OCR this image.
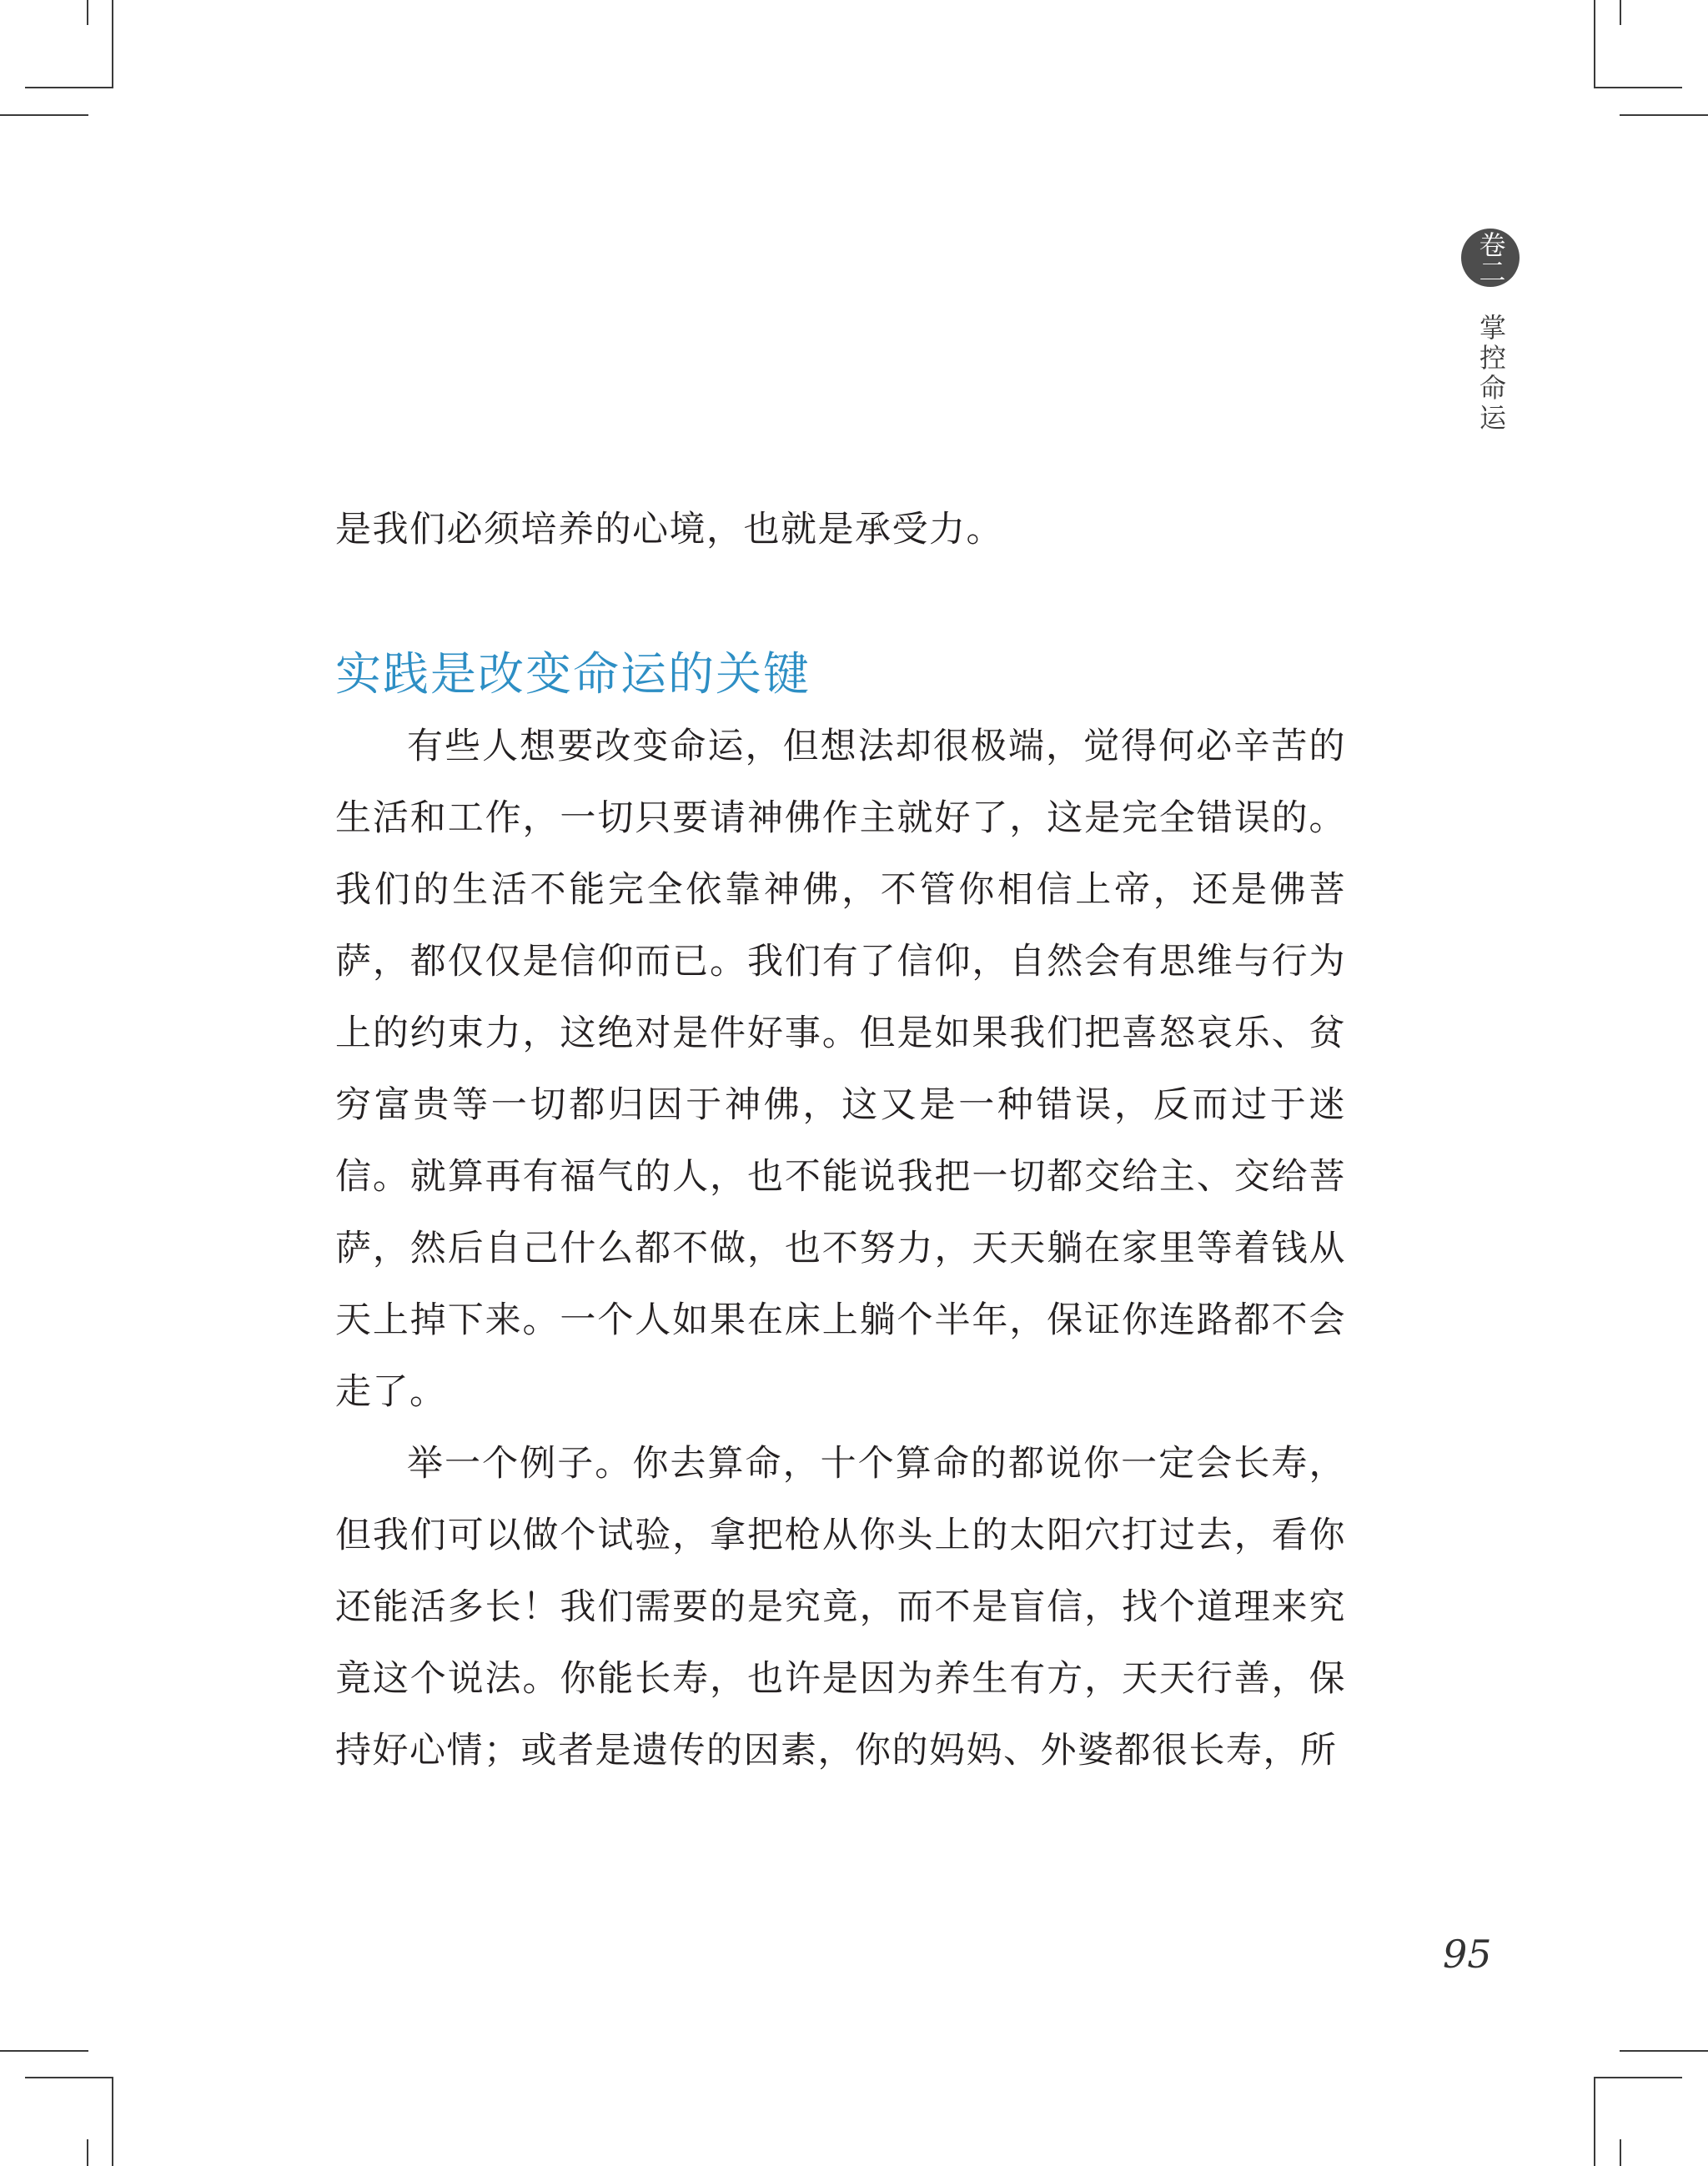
卷二
掌控命运

是我们必须培养的心境，也就是承受力。

实践是改变命运的关键

有些人想要改变命运，但想法却很极端，觉得何必辛苦的生活和工作，一切只要请神佛作主就好了，这是完全错误的。我们的生活不能完全依靠神佛，不管你相信上帝，还是佛菩萨，都仅仅是信仰而已。我们有了信仰，自然会有思维与行为上的约束力，这绝对是件好事。但是如果我们把喜怒哀乐、贫穷富贵等一切都归因于神佛，这又是一种错误，反而过于迷信。就算再有福气的人，也不能说我把一切都交给主、交给菩萨，然后自己什么都不做，也不努力，天天躺在家里等着钱从天上掉下来。一个人如果在床上躺个半年，保证你连路都不会走了。

举一个例子。你去算命，十个算命的都说你一定会长寿，但我们可以做个试验，拿把枪从你头上的太阳穴打过去，看你还能活多长！我们需要的是究竟，而不是盲信，找个道理来究竟这个说法。你能长寿，也许是因为养生有方，天天行善，保持好心情；或者是遗传的因素，你的妈妈、外婆都很长寿，所

95
